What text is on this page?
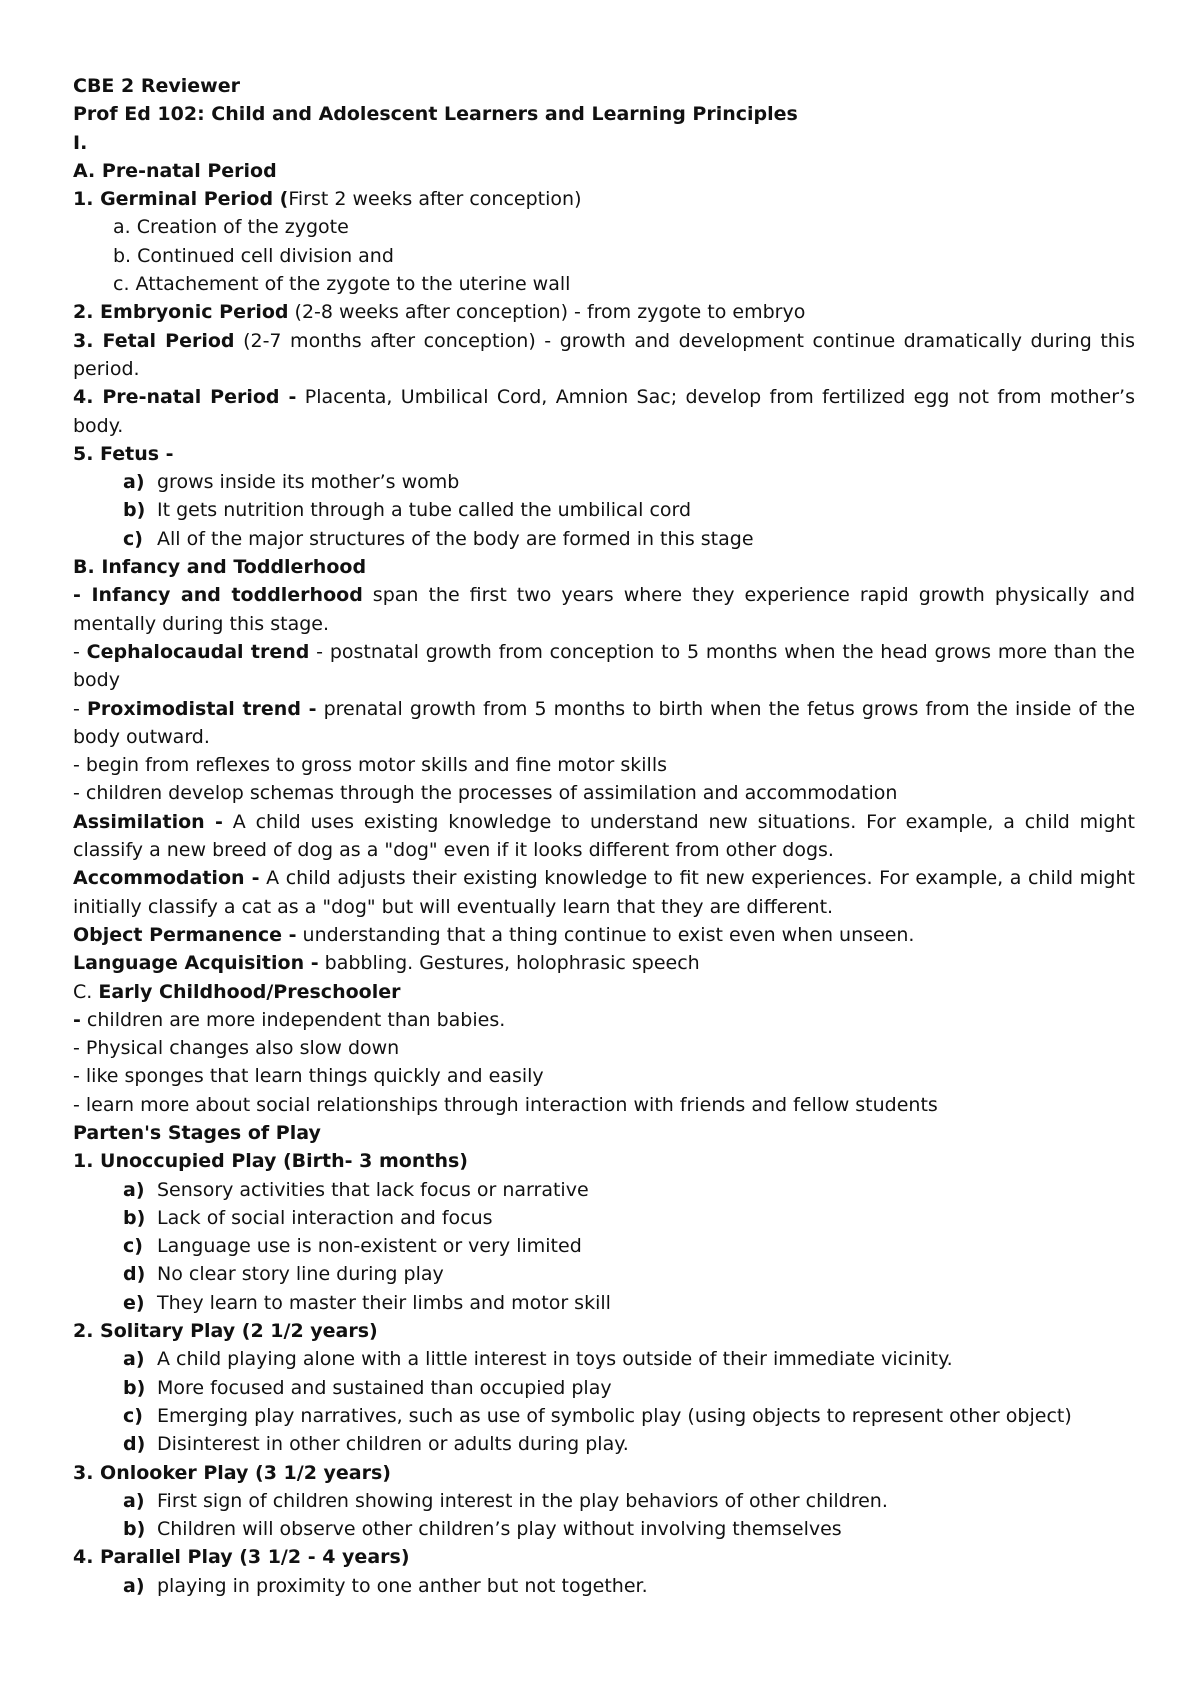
CBE 2 Reviewer
Prof Ed 102: Child and Adolescent Learners and Learning Principles
I.
A. Pre-natal Period
1. Germinal Period (First 2 weeks after conception)
a. Creation of the zygote
b. Continued cell division and
c. Attachement of the zygote to the uterine wall
2. Embryonic Period (2-8 weeks after conception) - from zygote to embryo
3. Fetal Period (2-7 months after conception) - growth and development continue dramatically during this period.
4. Pre-natal Period - Placenta, Umbilical Cord, Amnion Sac; develop from fertilized egg not from mother’s body.
5. Fetus -
a) grows inside its mother’s womb
b) It gets nutrition through a tube called the umbilical cord
c) All of the major structures of the body are formed in this stage
B. Infancy and Toddlerhood
- Infancy and toddlerhood span the first two years where they experience rapid growth physically and mentally during this stage.
- Cephalocaudal trend - postnatal growth from conception to 5 months when the head grows more than the body
- Proximodistal trend - prenatal growth from 5 months to birth when the fetus grows from the inside of the body outward.
- begin from reflexes to gross motor skills and fine motor skills
- children develop schemas through the processes of assimilation and accommodation
Assimilation - A child uses existing knowledge to understand new situations. For example, a child might classify a new breed of dog as a "dog" even if it looks different from other dogs.
Accommodation - A child adjusts their existing knowledge to fit new experiences. For example, a child might initially classify a cat as a "dog" but will eventually learn that they are different.
Object Permanence - understanding that a thing continue to exist even when unseen.
Language Acquisition - babbling. Gestures, holophrasic speech
C. Early Childhood/Preschooler
- children are more independent than babies.
- Physical changes also slow down
- like sponges that learn things quickly and easily
- learn more about social relationships through interaction with friends and fellow students
Parten's Stages of Play
1. Unoccupied Play (Birth- 3 months)
a) Sensory activities that lack focus or narrative
b) Lack of social interaction and focus
c) Language use is non-existent or very limited
d) No clear story line during play
e) They learn to master their limbs and motor skill
2. Solitary Play (2 1/2 years)
a) A child playing alone with a little interest in toys outside of their immediate vicinity.
b) More focused and sustained than occupied play
c) Emerging play narratives, such as use of symbolic play (using objects to represent other object)
d) Disinterest in other children or adults during play.
3. Onlooker Play (3 1/2 years)
a) First sign of children showing interest in the play behaviors of other children.
b) Children will observe other children’s play without involving themselves
4. Parallel Play (3 1/2 - 4 years)
a) playing in proximity to one anther but not together.
